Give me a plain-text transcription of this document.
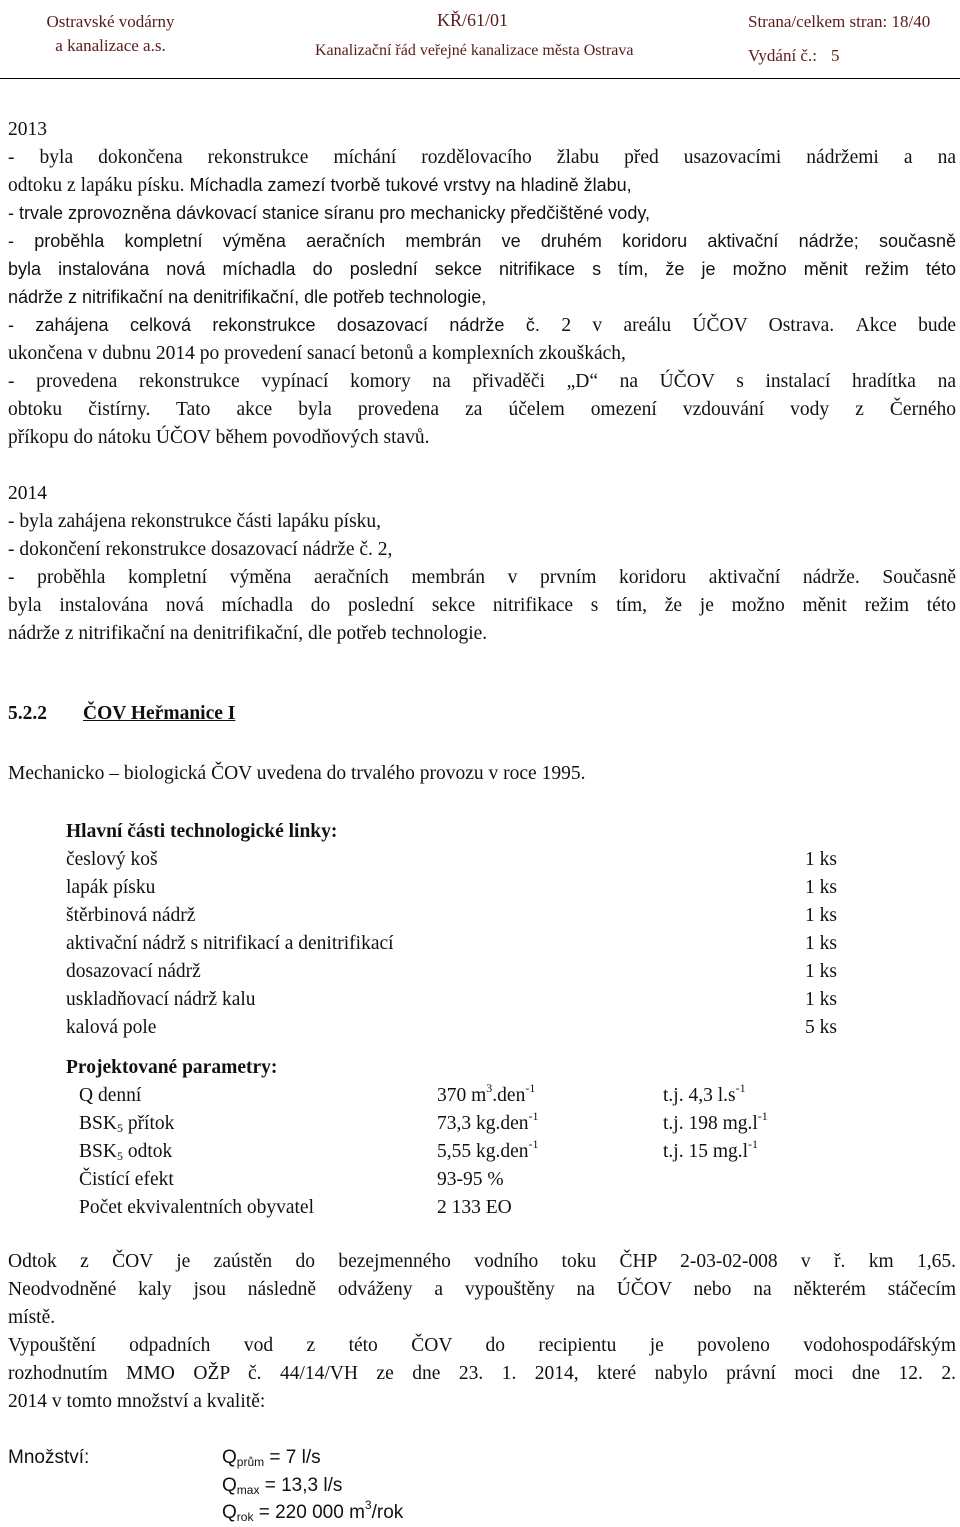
Ostravské vodárny
a kanalizace a.s.
KŘ/61/01
Kanalizační řád veřejné kanalizace města Ostrava
Strana/celkem stran: 18/40
Vydání č.: 5
2013
- byla dokončena rekonstrukce míchání rozdělovacího žlabu před usazovacími nádržemi a na
odtoku z lapáku písku. Míchadla zamezí tvorbě tukové vrstvy na hladině žlabu,
- trvale zprovozněna dávkovací stanice síranu pro mechanicky předčištěné vody,
- proběhla kompletní výměna aeračních membrán ve druhém koridoru aktivační nádrže; současně
byla instalována nová míchadla do poslední sekce nitrifikace s tím, že je možno měnit režim této
nádrže z nitrifikační na denitrifikační, dle potřeb technologie,
- zahájena celková rekonstrukce dosazovací nádrže č. 2 v areálu ÚČOV Ostrava. Akce bude
ukončena v dubnu 2014 po provedení sanací betonů a komplexních zkouškách,
- provedena rekonstrukce vypínací komory na přivaděči „D“ na ÚČOV s instalací hradítka na
obtoku čistírny. Tato akce byla provedena za účelem omezení vzdouvání vody z Černého
příkopu do nátoku ÚČOV během povodňových stavů.
2014
- byla zahájena rekonstrukce části lapáku písku,
- dokončení rekonstrukce dosazovací nádrže č. 2,
- proběhla kompletní výměna aeračních membrán v prvním koridoru aktivační nádrže. Současně
byla instalována nová míchadla do poslední sekce nitrifikace s tím, že je možno měnit režim této
nádrže z nitrifikační na denitrifikační, dle potřeb technologie.
5.2.2 ČOV Heřmanice I
Mechanicko – biologická ČOV uvedena do trvalého provozu v roce 1995.
Hlavní části technologické linky:
česlový koš	1 ks
lapák písku	1 ks
štěrbinová nádrž	1 ks
aktivační nádrž s nitrifikací a denitrifikací	1 ks
dosazovací nádrž	1 ks
uskladňovací nádrž kalu	1 ks
kalová pole	5 ks
Projektované parametry:
Q denní	370 $m^3.den^{-1}$	t.j. 4,3 $l.s^{-1}$
$BSK_5$ přítok	73,3 kg.den$^{-1}$	t.j. 198 $mg.l^{-1}$
$BSK_5$ odtok	5,55 kg.den$^{-1}$	t.j. 15 $mg.l^{-1}$
Čistící efekt	93-95 %
Počet ekvivalentních obyvatel	2 133 EO
Odtok z ČOV je zaústěn do bezejmenného vodního toku ČHP 2-03-02-008 v ř. km 1,65.
Neodvodněné kaly jsou následně odváženy a vypouštěny na ÚČOV nebo na některém stáčecím
místě.
Vypouštění odpadních vod z této ČOV do recipientu je povoleno vodohospodářským
rozhodnutím MMO OŽP č. 44/14/VH ze dne 23. 1. 2014, které nabylo právní moci dne 12. 2.
2014 v tomto množství a kvalitě:
Množství:	$Q_{prům} = 7$ l/s
$Q_{max} = 13,3$ l/s
$Q_{rok} = 220$ 000 $m^3$/rok
